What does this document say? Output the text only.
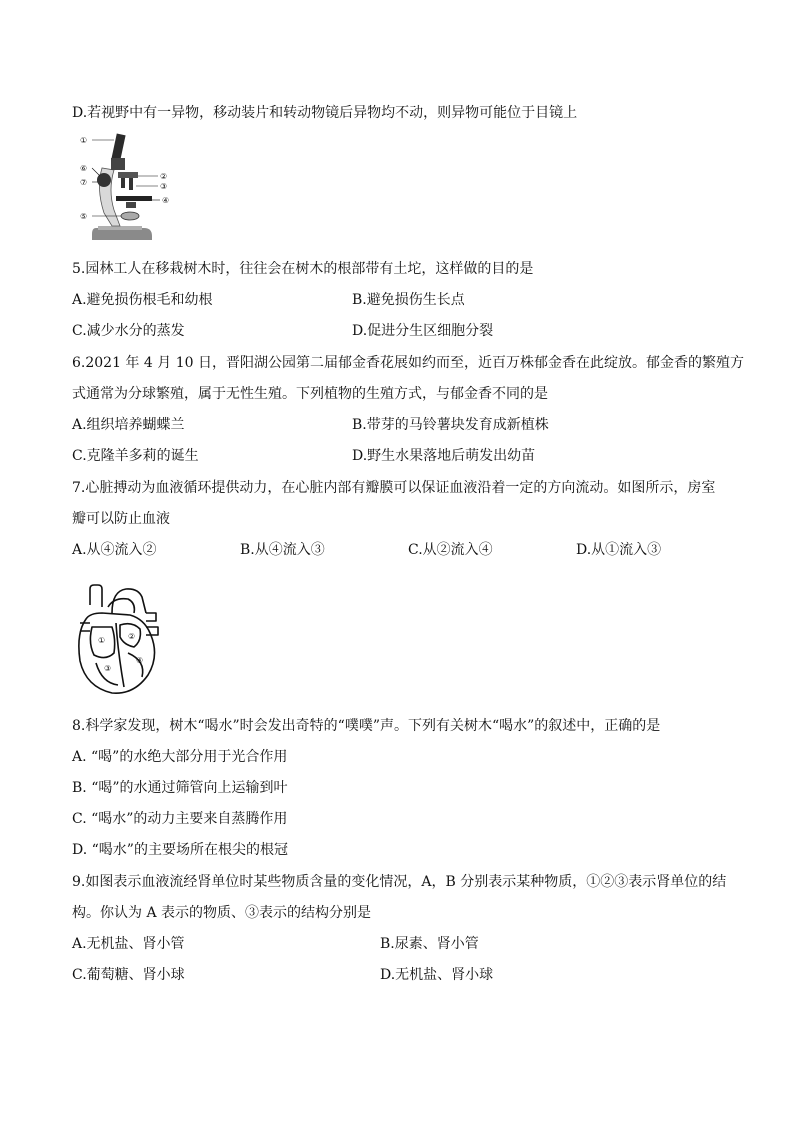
D.若视野中有一异物，移动装片和转动物镜后异物均不动，则异物可能位于目镜上
①
②
③
④
⑤
⑥
⑦
5.园林工人在移栽树木时，往往会在树木的根部带有土坨，这样做的目的是
A.避免损伤根毛和幼根	B.避免损伤生长点
C.减少水分的蒸发	D.促进分生区细胞分裂
6.2021 年 4 月 10 日，晋阳湖公园第二届郁金香花展如约而至，近百万株郁金香在此绽放。郁金香的繁殖方
式通常为分球繁殖，属于无性生殖。下列植物的生殖方式，与郁金香不同的是
A.组织培养蝴蝶兰	B.带芽的马铃薯块发育成新植株
C.克隆羊多莉的诞生	D.野生水果落地后萌发出幼苗
7.心脏搏动为血液循环提供动力，在心脏内部有瓣膜可以保证血液沿着一定的方向流动。如图所示，房室
瓣可以防止血液
A.从④流入②	B.从④流入③	C.从②流入④	D.从①流入③
①	②
③
④
8.科学家发现，树木“喝水”时会发出奇特的“噗噗”声。下列有关树木“喝水”的叙述中，正确的是
A. “喝”的水绝大部分用于光合作用
B. “喝”的水通过筛管向上运输到叶
C. “喝水”的动力主要来自蒸腾作用
D. “喝水”的主要场所在根尖的根冠
9.如图表示血液流经肾单位时某些物质含量的变化情况，A，B 分别表示某种物质，①②③表示肾单位的结
构。你认为 A 表示的物质、③表示的结构分别是
A.无机盐、肾小管	B.尿素、肾小管
C.葡萄糖、肾小球	D.无机盐、肾小球
